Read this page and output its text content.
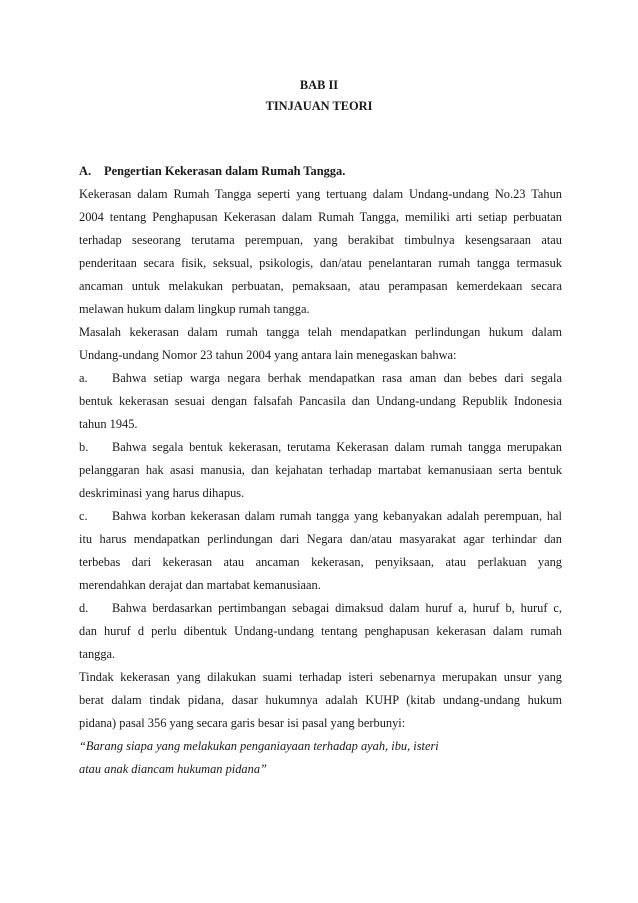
BAB II
TINJAUAN TEORI
A. Pengertian Kekerasan dalam Rumah Tangga.
Kekerasan dalam Rumah Tangga seperti yang tertuang dalam Undang-undang No.23 Tahun
2004 tentang Penghapusan Kekerasan dalam Rumah Tangga, memiliki arti setiap perbuatan
terhadap seseorang terutama perempuan, yang berakibat timbulnya kesengsaraan atau
penderitaan secara fisik, seksual, psikologis, dan/atau penelantaran rumah tangga termasuk
ancaman untuk melakukan perbuatan, pemaksaan, atau perampasan kemerdekaan secara
melawan hukum dalam lingkup rumah tangga.
Masalah kekerasan dalam rumah tangga telah mendapatkan perlindungan hukum dalam
Undang-undang Nomor 23 tahun 2004 yang antara lain menegaskan bahwa:
a. Bahwa setiap warga negara berhak mendapatkan rasa aman dan bebes dari segala
bentuk kekerasan sesuai dengan falsafah Pancasila dan Undang-undang Republik Indonesia
tahun 1945.
b. Bahwa segala bentuk kekerasan, terutama Kekerasan dalam rumah tangga merupakan
pelanggaran hak asasi manusia, dan kejahatan terhadap martabat kemanusiaan serta bentuk
deskriminasi yang harus dihapus.
c. Bahwa korban kekerasan dalam rumah tangga yang kebanyakan adalah perempuan, hal
itu harus mendapatkan perlindungan dari Negara dan/atau masyarakat agar terhindar dan
terbebas dari kekerasan atau ancaman kekerasan, penyiksaan, atau perlakuan yang
merendahkan derajat dan martabat kemanusiaan.
d. Bahwa berdasarkan pertimbangan sebagai dimaksud dalam huruf a, huruf b, huruf c,
dan huruf d perlu dibentuk Undang-undang tentang penghapusan kekerasan dalam rumah
tangga.
Tindak kekerasan yang dilakukan suami terhadap isteri sebenarnya merupakan unsur yang
berat dalam tindak pidana, dasar hukumnya adalah KUHP (kitab undang-undang hukum
pidana) pasal 356 yang secara garis besar isi pasal yang berbunyi:
“Barang siapa yang melakukan penganiayaan terhadap ayah, ibu, isteri
atau anak diancam hukuman pidana”
